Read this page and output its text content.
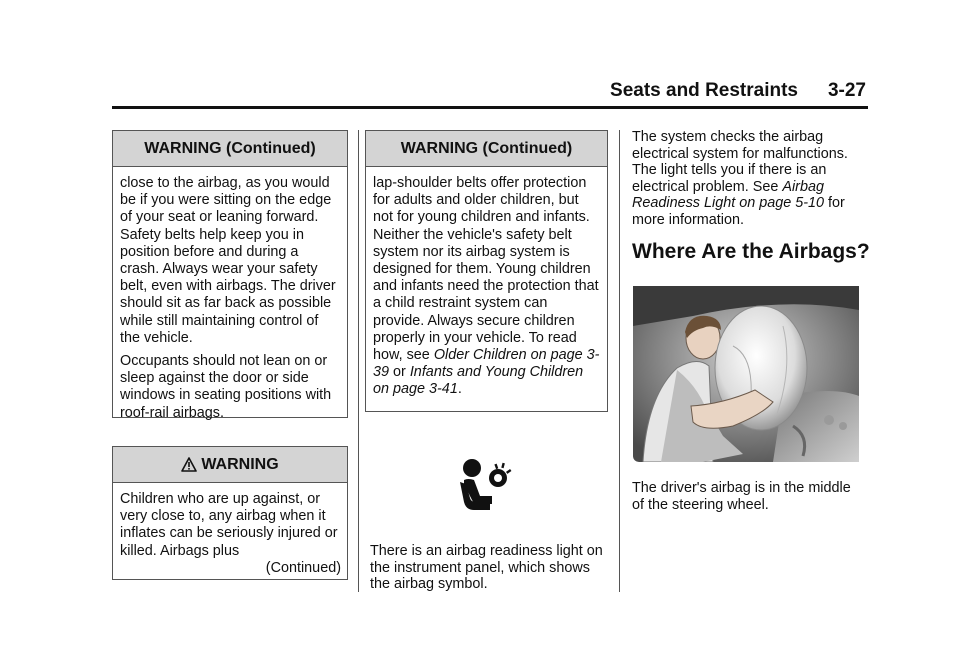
Seats and Restraints 3-27
WARNING (Continued)

close to the airbag, as you would be if you were sitting on the edge of your seat or leaning forward. Safety belts help keep you in position before and during a crash. Always wear your safety belt, even with airbags. The driver should sit as far back as possible while still maintaining control of the vehicle.

Occupants should not lean on or sleep against the door or side windows in seating positions with roof-rail airbags.

WARNING

Children who are up against, or very close to, any airbag when it inflates can be seriously injured or killed. Airbags plus

(Continued)
WARNING (Continued)

lap-shoulder belts offer protection for adults and older children, but not for young children and infants. Neither the vehicle's safety belt system nor its airbag system is designed for them. Young children and infants need the protection that a child restraint system can provide. Always secure children properly in your vehicle. To read how, see Older Children on page 3-39 or Infants and Young Children on page 3-41.

There is an airbag readiness light on the instrument panel, which shows the airbag symbol.

The system checks the airbag electrical system for malfunctions. The light tells you if there is an electrical problem. See Airbag Readiness Light on page 5-10 for more information.

Where Are the Airbags?
The driver's airbag is in the middle of the steering wheel.
